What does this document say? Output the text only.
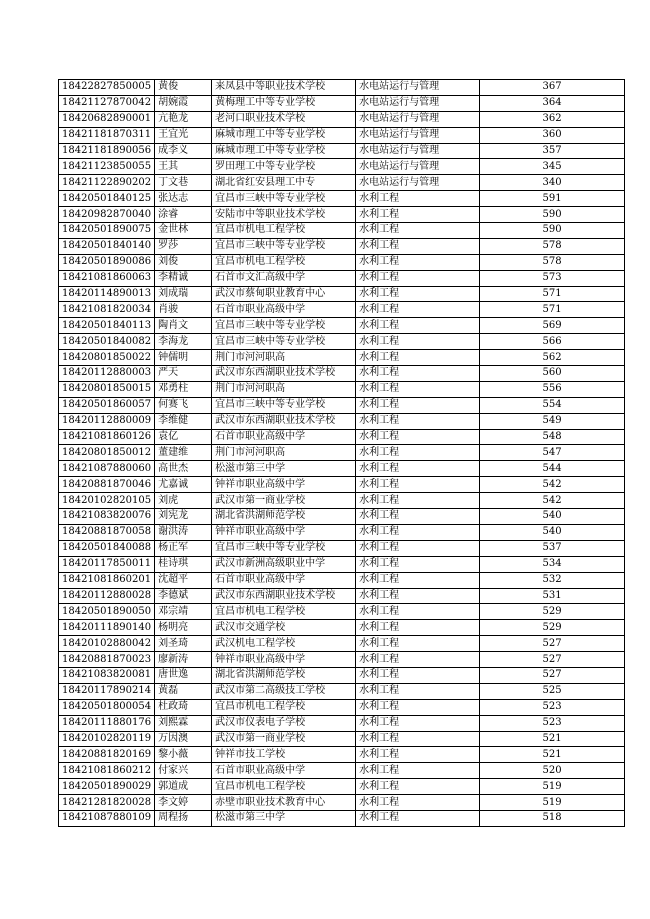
18422827850005	黄俊	来凤县中等职业技术学校	水电站运行与管理	367
18421127870042	胡婉霞	黄梅理工中等专业学校	水电站运行与管理	364
18420682890001	亢艳龙	老河口职业技术学校	水电站运行与管理	362
18421181870311	王宜光	麻城市理工中等专业学校	水电站运行与管理	360
18421181890056	成李义	麻城市理工中等专业学校	水电站运行与管理	357
18421123850055	王其	罗田理工中等专业学校	水电站运行与管理	345
18421122890202	丁文巷	湖北省红安县理工中专	水电站运行与管理	340
18420501840125	张达志	宜昌市三峡中等专业学校	水利工程	591
18420982870040	涂睿	安陆市中等职业技术学校	水利工程	590
18420501890075	金世林	宜昌市机电工程学校	水利工程	590
18420501840140	罗莎	宜昌市三峡中等专业学校	水利工程	578
18420501890086	刘俊	宜昌市机电工程学校	水利工程	578
18421081860063	李精诚	石首市文汇高级中学	水利工程	573
18420114890013	刘成瑞	武汉市蔡甸职业教育中心	水利工程	571
18421081820034	肖骏	石首市职业高级中学	水利工程	571
18420501840113	陶肖文	宜昌市三峡中等专业学校	水利工程	569
18420501840082	李海龙	宜昌市三峡中等专业学校	水利工程	566
18420801850022	钟儒明	荆门市河河职高	水利工程	562
18420112880003	严天	武汉市东西湖职业技术学校	水利工程	560
18420801850015	邓勇柱	荆门市河河职高	水利工程	556
18420501860057	何赛飞	宜昌市三峡中等专业学校	水利工程	554
18420112880009	李维健	武汉市东西湖职业技术学校	水利工程	549
18421081860126	袁亿	石首市职业高级中学	水利工程	548
18420801850012	董建维	荆门市河河职高	水利工程	547
18421087880060	高世杰	松滋市第三中学	水利工程	544
18420881870046	尤嘉诚	钟祥市职业高级中学	水利工程	542
18420102820105	刘虎	武汉市第一商业学校	水利工程	542
18421083820076	刘宪龙	湖北省洪湖师范学校	水利工程	540
18420881870058	谢洪涛	钟祥市职业高级中学	水利工程	540
18420501840088	杨正军	宜昌市三峡中等专业学校	水利工程	537
18420117850011	桂诗琪	武汉市新洲高级职业中学	水利工程	534
18421081860201	沈超平	石首市职业高级中学	水利工程	532
18420112880028	李德斌	武汉市东西湖职业技术学校	水利工程	531
18420501890050	邓宗靖	宜昌市机电工程学校	水利工程	529
18420111890140	杨明亮	武汉市交通学校	水利工程	529
18420102880042	刘圣琦	武汉机电工程学校	水利工程	527
18420881870023	廖新涛	钟祥市职业高级中学	水利工程	527
18421083820081	唐世逸	湖北省洪湖师范学校	水利工程	527
18420117890214	黄磊	武汉市第二高级技工学校	水利工程	525
18420501800054	杜政琦	宜昌市机电工程学校	水利工程	523
18420111880176	刘熙霖	武汉市仪表电子学校	水利工程	523
18420102820119	万因澳	武汉市第一商业学校	水利工程	521
18420881820169	黎小薇	钟祥市技工学校	水利工程	521
18421081860212	付家兴	石首市职业高级中学	水利工程	520
18420501890029	郭道成	宜昌市机电工程学校	水利工程	519
18421281820028	李文婷	赤壁市职业技术教育中心	水利工程	519
18421087880109	周程扬	松滋市第三中学	水利工程	518
